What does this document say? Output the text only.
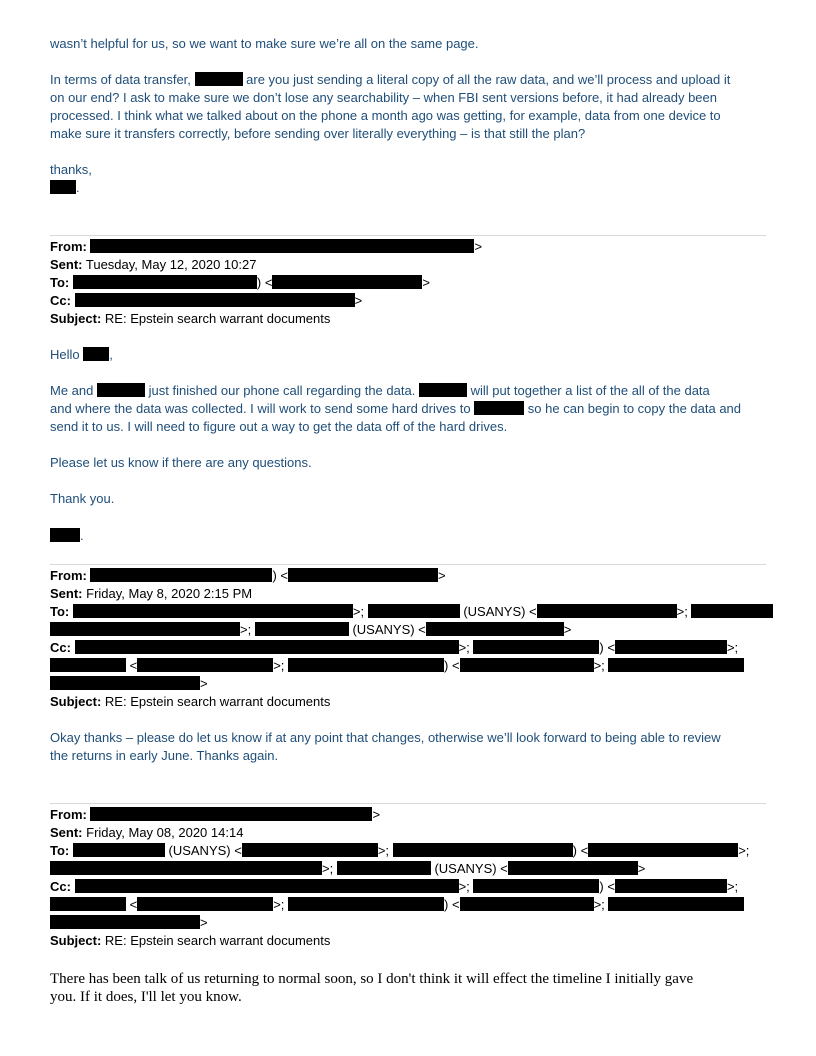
wasn’t helpful for us, so we want to make sure we’re all on the same page.
In terms of data transfer,	are you just sending a literal copy of all the raw data, and we’ll process and upload it
on our end? I ask to make sure we don’t lose any searchability – when FBI sent versions before, it had already been
processed. I think what we talked about on the phone a month ago was getting, for example, data from one device to
make sure it transfers correctly, before sending over literally everything – is that still the plan?
thanks,
.
From:	>
Sent: Tuesday, May 12, 2020 10:27
To:	) <	>
Cc:	>
Subject: RE: Epstein search warrant documents
Hello ,
Me and	just finished our phone call regarding the data.	will put together a list of the all of the data
and where the data was collected. I will work to send some hard drives to	so he can begin to copy the data and
send it to us. I will need to figure out a way to get the data off of the hard drives.
Please let us know if there are any questions.
Thank you.
.
From:	) <	>
Sent: Friday, May 8, 2020 2:15 PM
To:	>;	(USANYS) <	>;
>;	(USANYS) <	>
Cc:	>;	) <	>;
<	>;	) <	>;
>
Subject: RE: Epstein search warrant documents
Okay thanks – please do let us know if at any point that changes, otherwise we’ll look forward to being able to review
the returns in early June. Thanks again.
From:	>
Sent: Friday, May 08, 2020 14:14
To:	(USANYS) <	>;	) <	>;
>;	(USANYS) <	>
Cc:	>;	) <	>;
<	>;	) <	>;
>
Subject: RE: Epstein search warrant documents
There has been talk of us returning to normal soon, so I don't think it will effect the timeline I initially gave
you. If it does, I'll let you know.
